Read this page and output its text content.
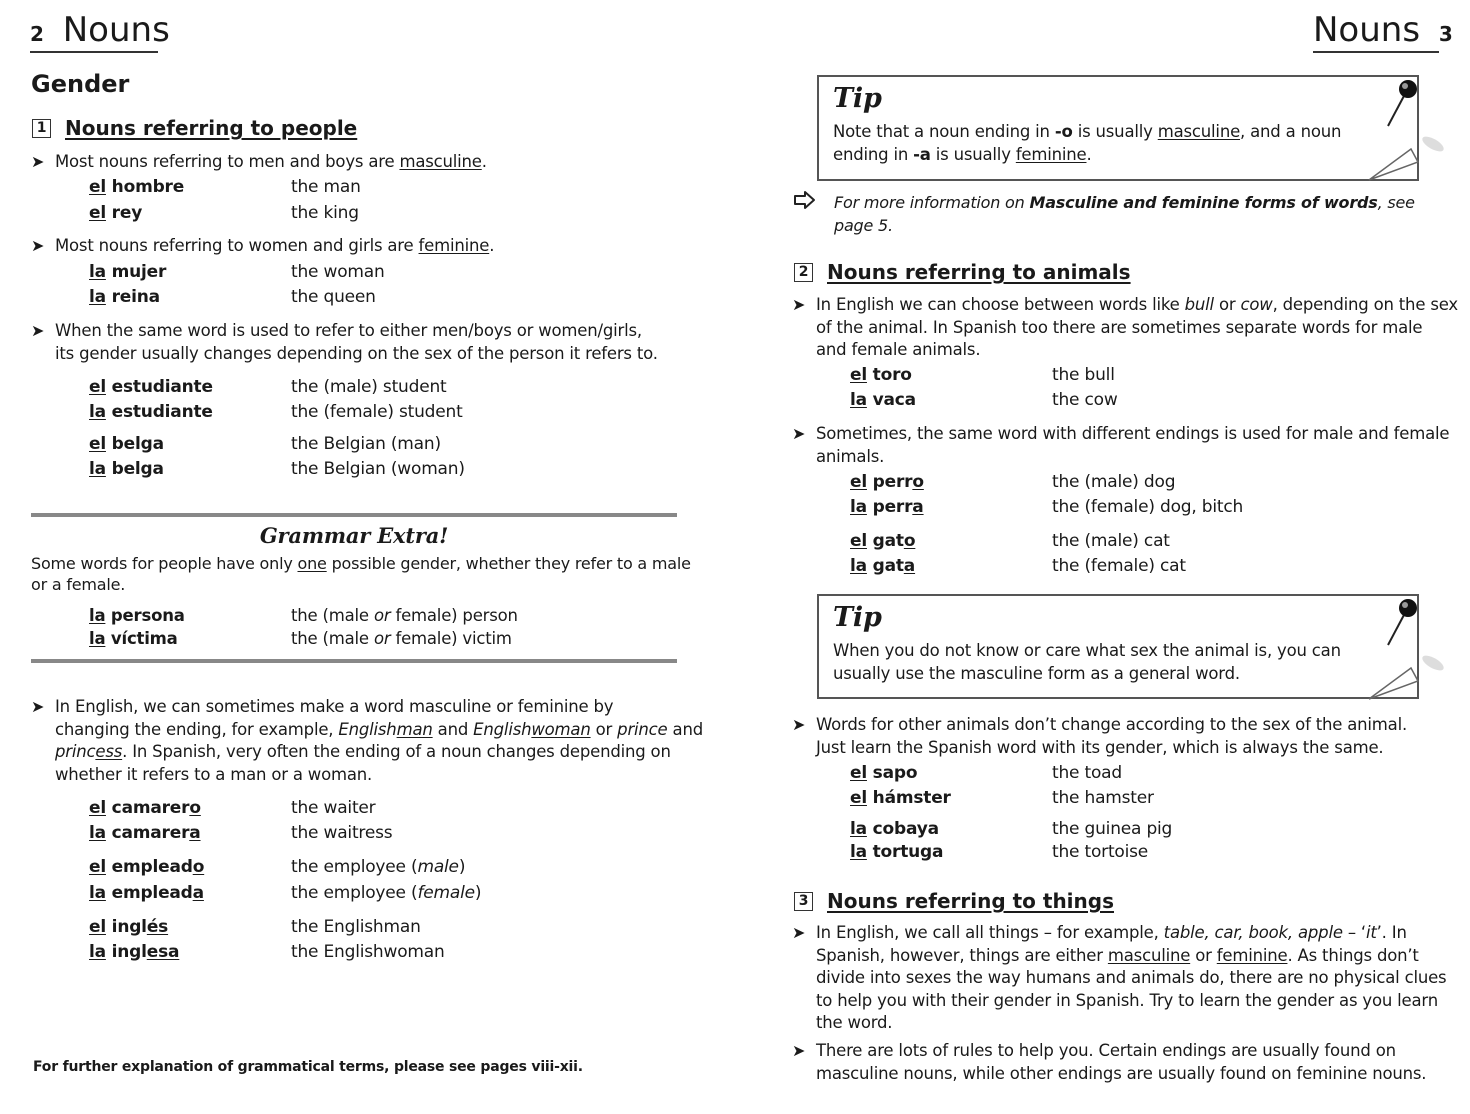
2 Nouns
Gender
1 Nouns referring to people
➤ Most nouns referring to men and boys are masculine.
el hombre	the man
el rey	the king
➤ Most nouns referring to women and girls are feminine.
la mujer	the woman
la reina	the queen
➤ When the same word is used to refer to either men/boys or women/girls,
its gender usually changes depending on the sex of the person it refers to.
el estudiante	the (male) student
la estudiante	the (female) student
el belga	the Belgian (man)
la belga	the Belgian (woman)
Grammar Extra!
Some words for people have only one possible gender, whether they refer to a male
or a female.
la persona	the (male or female) person
la víctima	the (male or female) victim
➤ In English, we can sometimes make a word masculine or feminine by
changing the ending, for example, Englishman and Englishwoman or prince and
princess. In Spanish, very often the ending of a noun changes depending on
whether it refers to a man or a woman.
el camarero	the waiter
la camarera	the waitress
el empleado	the employee (male)
la empleada	the employee (female)
el inglés	the Englishman
la inglesa	the Englishwoman
For further explanation of grammatical terms, please see pages viii-xii.
Nouns 3
Tip
Note that a noun ending in -o is usually masculine, and a noun
ending in -a is usually feminine.
For more information on Masculine and feminine forms of words, see
page 5.
2 Nouns referring to animals
➤ In English we can choose between words like bull or cow, depending on the sex
of the animal. In Spanish too there are sometimes separate words for male
and female animals.
el toro	the bull
la vaca	the cow
➤ Sometimes, the same word with different endings is used for male and female
animals.
el perro	the (male) dog
la perra	the (female) dog, bitch
el gato	the (male) cat
la gata	the (female) cat
Tip
When you do not know or care what sex the animal is, you can
usually use the masculine form as a general word.
➤ Words for other animals don’t change according to the sex of the animal.
Just learn the Spanish word with its gender, which is always the same.
el sapo	the toad
el hámster	the hamster
la cobaya	the guinea pig
la tortuga	the tortoise
3 Nouns referring to things
➤ In English, we call all things – for example, table, car, book, apple – ‘it’. In
Spanish, however, things are either masculine or feminine. As things don’t
divide into sexes the way humans and animals do, there are no physical clues
to help you with their gender in Spanish. Try to learn the gender as you learn
the word.
➤ There are lots of rules to help you. Certain endings are usually found on
masculine nouns, while other endings are usually found on feminine nouns.
